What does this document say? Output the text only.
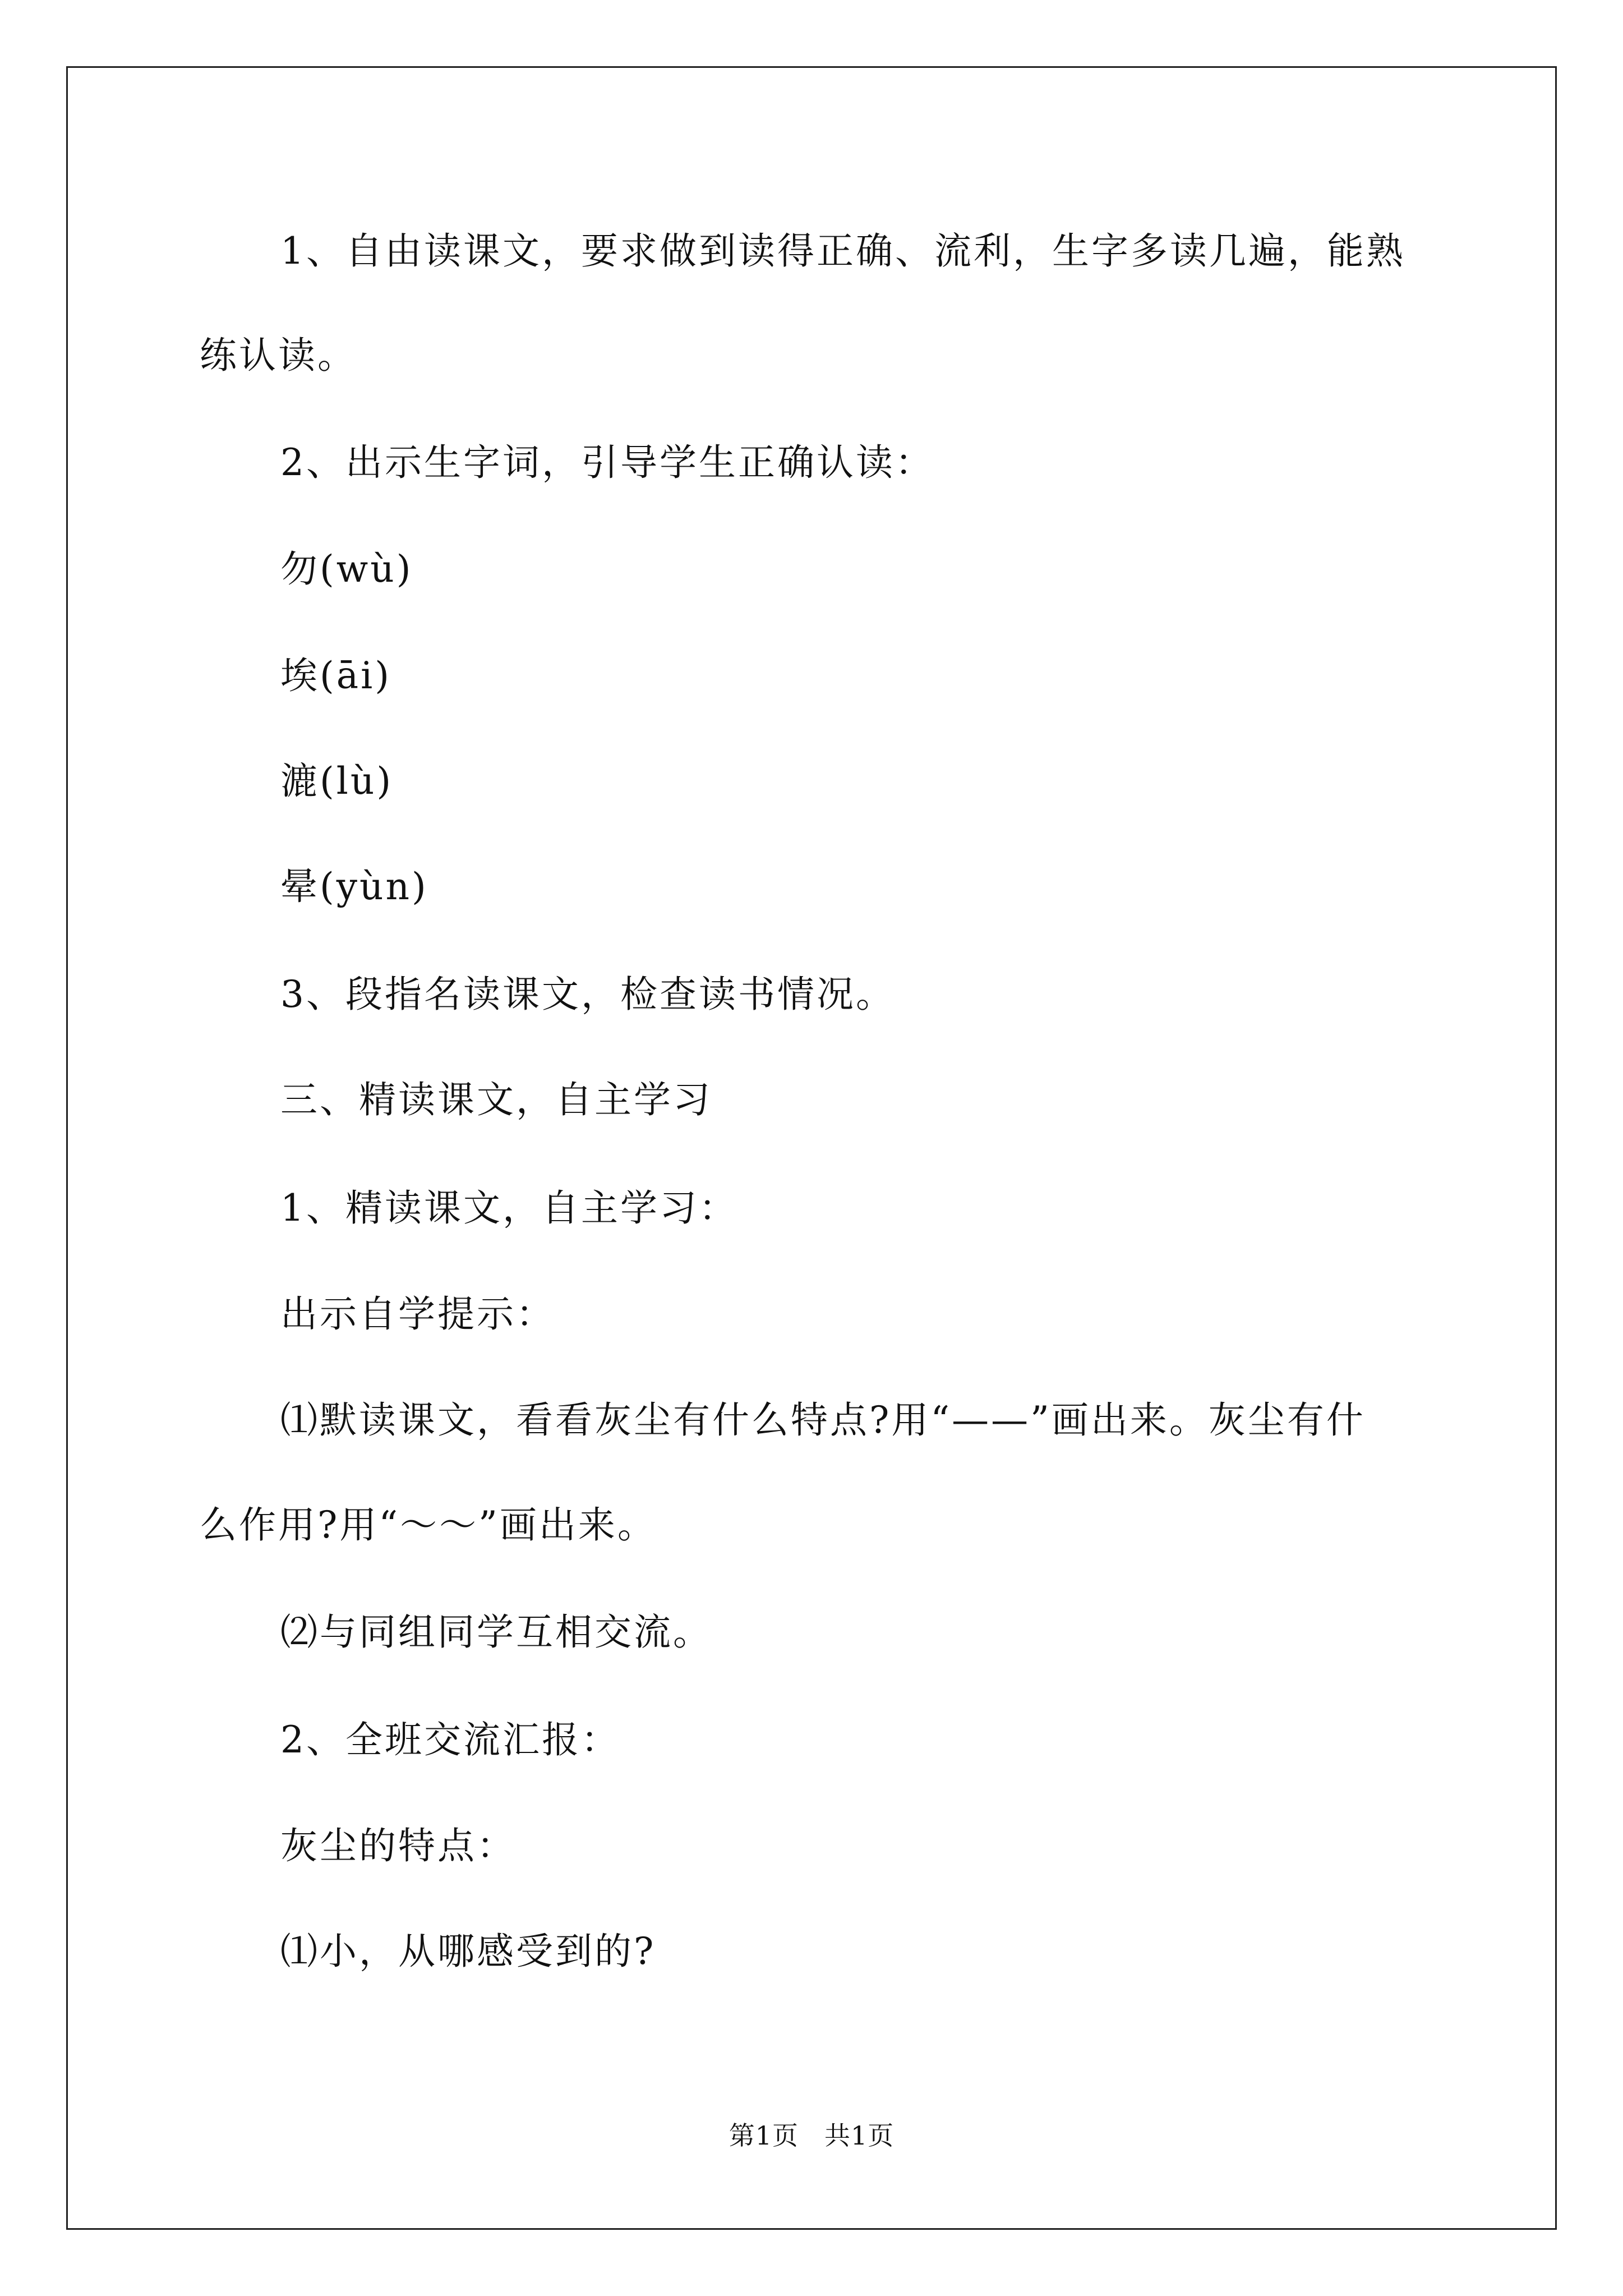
1、自由读课文，要求做到读得正确、流利，生字多读几遍，能熟
练认读。
2、出示生字词，引导学生正确认读：
勿(wù)
埃(āi)
漉(lù)
晕(yùn)
3、段指名读课文，检查读书情况。
三、精读课文，自主学习
1、精读课文，自主学习：
出示自学提示：
⑴默读课文，看看灰尘有什么特点?用“——”画出来。灰尘有什
么作用?用“～～”画出来。
⑵与同组同学互相交流。
2、全班交流汇报：
灰尘的特点：
⑴小，从哪感受到的?
第1页 共1页
